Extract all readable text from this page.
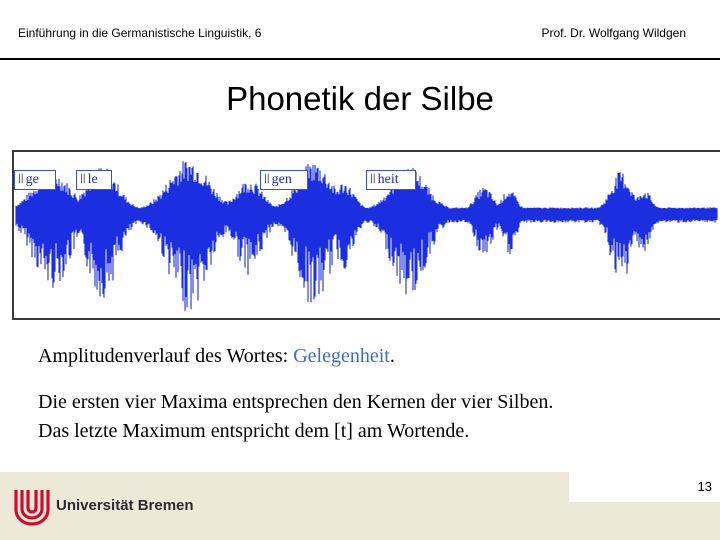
Einführung in die Germanistische Linguistik, 6	Prof. Dr. Wolfgang Wildgen
Phonetik der Silbe
ǀǀ ge	ǀǀ le	ǀǀ gen	ǀǀ heit
Amplitudenverlauf des Wortes: Gelegenheit.
Die ersten vier Maxima entsprechen den Kernen der vier Silben.
Das letzte Maximum entspricht dem [t] am Wortende.
13
Universität Bremen
